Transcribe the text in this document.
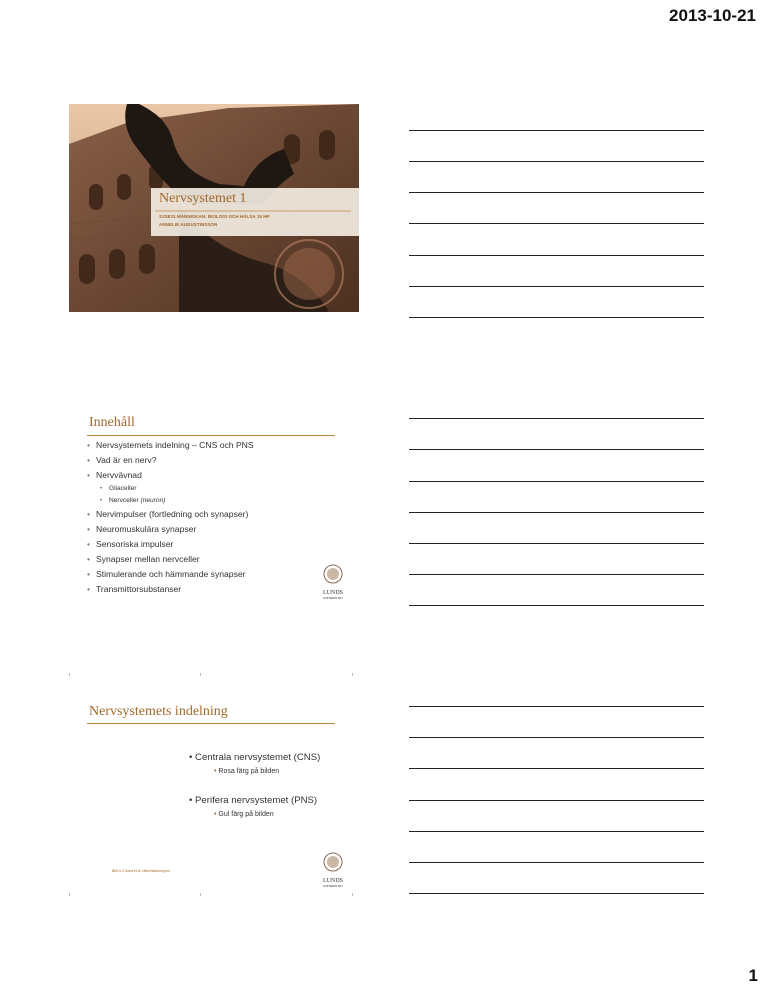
2013-10-21
Nervsystemet 1
SJSE11 MÄNNISKAN: BIOLOGI OCH HÄLSA 15 HP
ANNELIE AUGUSTINSSON
Innehåll
• Nervsystemets indelning – CNS och PNS
• Vad är en nerv?
• Nervvävnad
• Gliaceller
• Nervceller (neuron)
• Nervimpulser (fortledning och synapser)
• Neuromuskulära synapser
• Sensoriska impulser
• Synapser mellan nervceller
• Stimulerande och hämmande synapser
• Transmittorsubstanser	LUNDS
UNIVERSITET
Nervsystemets indelning
• Centrala nervsystemet (CNS)
• Rosa färg på bilden
• Perifera nervsystemet (PNS)
• Gul färg på bilden
Bild 4.4 Sand et al. Människokroppen
LUNDS
UNIVERSITET
1
